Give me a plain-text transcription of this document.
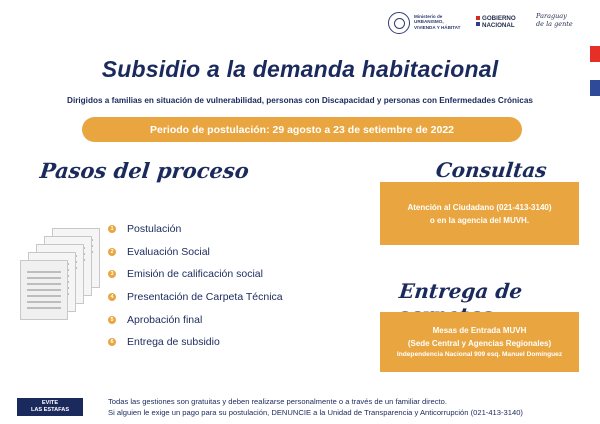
Ministerio de
URBANISMO,
VIVIENDA Y HÁBITAT
GOBIERNO
NACIONAL
Paraguay
de la gente
Subsidio a la demanda habitacional
Dirigidos a familias en situación de vulnerabilidad, personas con Discapacidad y personas con Enfermedades Crónicas
Periodo de postulación: 29 agosto a 23 de setiembre de 2022
Pasos del proceso
1 Postulación
2 Evaluación Social
3 Emisión de calificación social
4 Presentación de Carpeta Técnica
5 Aprobación final
6 Entrega de subsidio
Consultas
Atención al Ciudadano (021-413-3140)
o en la agencia del MUVH.
Entrega de
Mesas de Entrada MUVH
(Sede Central y Agencias Regionales)
Independencia Nacional 909 esq. Manuel Domínguez
EVITE
LAS ESTAFAS
Todas las gestiones son gratuitas y deben realizarse personalmente o a través de un familiar directo.
Si alguien le exige un pago para su postulación, DENUNCIE a la Unidad de Transparencia y Anticorrupción (021-413-3140)
